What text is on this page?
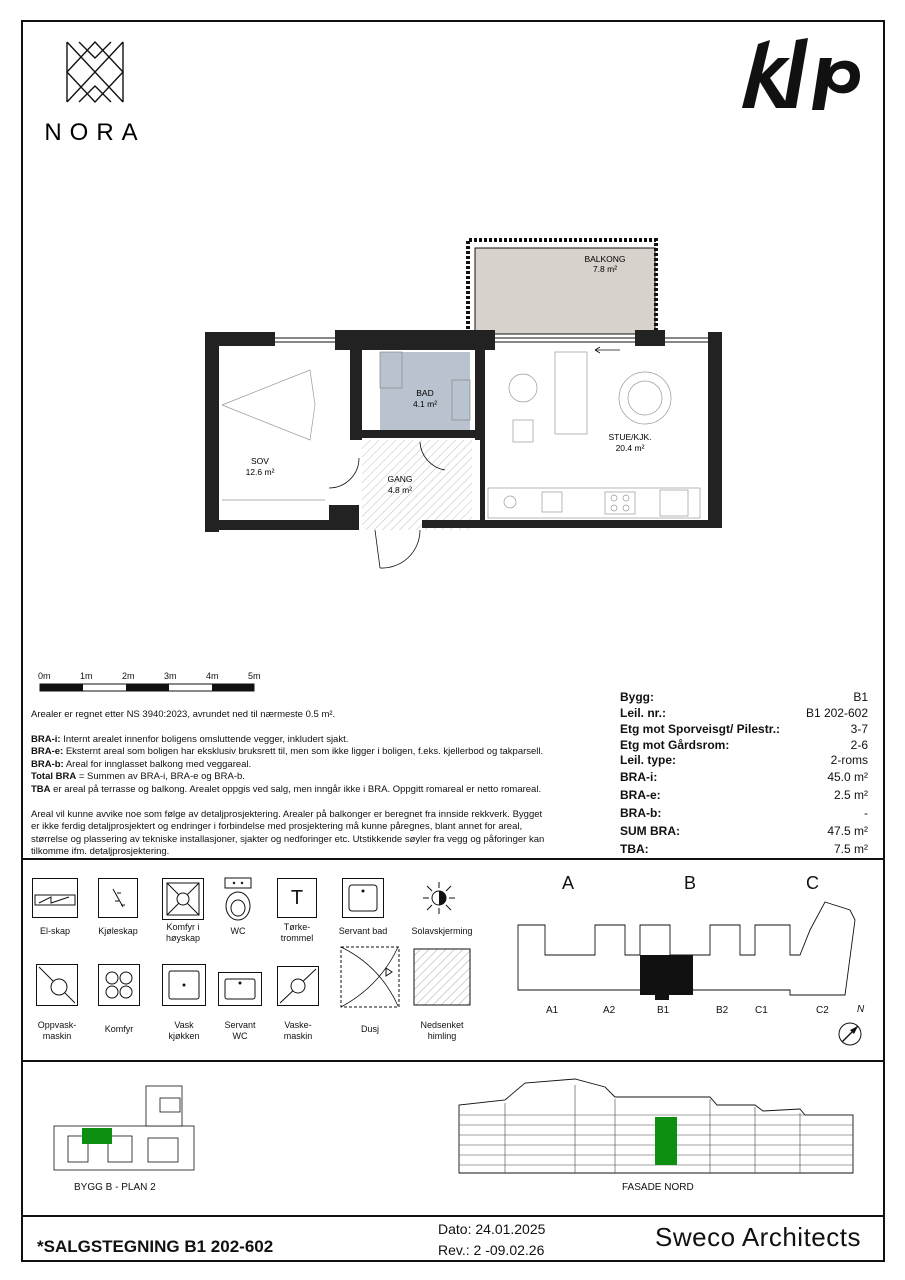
NORA
BALKONG
7.8 m²
BAD
4.1 m²
SOV
12.6 m²
GANG
4.8 m²
STUE/KJK.
20.4 m²
0m	1m	2m	3m	4m	5m

Arealer er regnet etter NS 3940:2023, avrundet ned til nærmeste 0.5 m².

BRA-i: Internt arealet innenfor boligens omsluttende vegger, inkludert sjakt.

BRA-e: Eksternt areal som boligen har eksklusiv bruksrett til, men som ikke ligger i boligen, f.eks. kjellerbod og takparsell.

BRA-b: Areal for innglasset balkong med veggareal.

Total BRA = Summen av BRA-i, BRA-e og BRA-b.

TBA er areal på terrasse og balkong. Arealet oppgis ved salg, men inngår ikke i BRA. Oppgitt romareal er netto romareal.

Areal vil kunne avvike noe som følge av detaljprosjektering. Arealer på balkonger er beregnet fra innside rekkverk. Bygget

er ikke ferdig detaljprosjektert og endringer i forbindelse med prosjektering må kunne påregnes, blant annet for areal,

størrelse og plassering av tekniske installasjoner, sjakter og nedforinger etc. Utstikkende søyler fra vegg og påforinger kan

tilkomme ifm. detaljprosjektering.

Bygg:	B1
Leil. nr.:	B1 202-602
Etg mot Sporveisgt/ Pilestr.:	3-7
Etg mot Gårdsrom:	2-6
Leil. type:	2-roms
BRA-i:	45.0 m²
BRA-e:	2.5 m²
BRA-b:	-
SUM BRA:	47.5 m²
TBA:	7.5 m²
El-skap	Kjøleskap	Komfyr i
høyskap
WC
T
Tørke-
trommel
Servant bad	Solavskjerming
Oppvask-
maskin
Komfyr	Vask
kjøkken
Servant
WC
Vaske-
maskin
Dusj	Nedsenket
himling
A	B	C
A1	A2	B1	B2	C1	C2	N
BYGG B - PLAN 2	FASADE NORD
*SALGSTEGNING B1 202-602
Dato: 24.01.2025
Rev.: 2 -09.02.26	Sweco Architects
